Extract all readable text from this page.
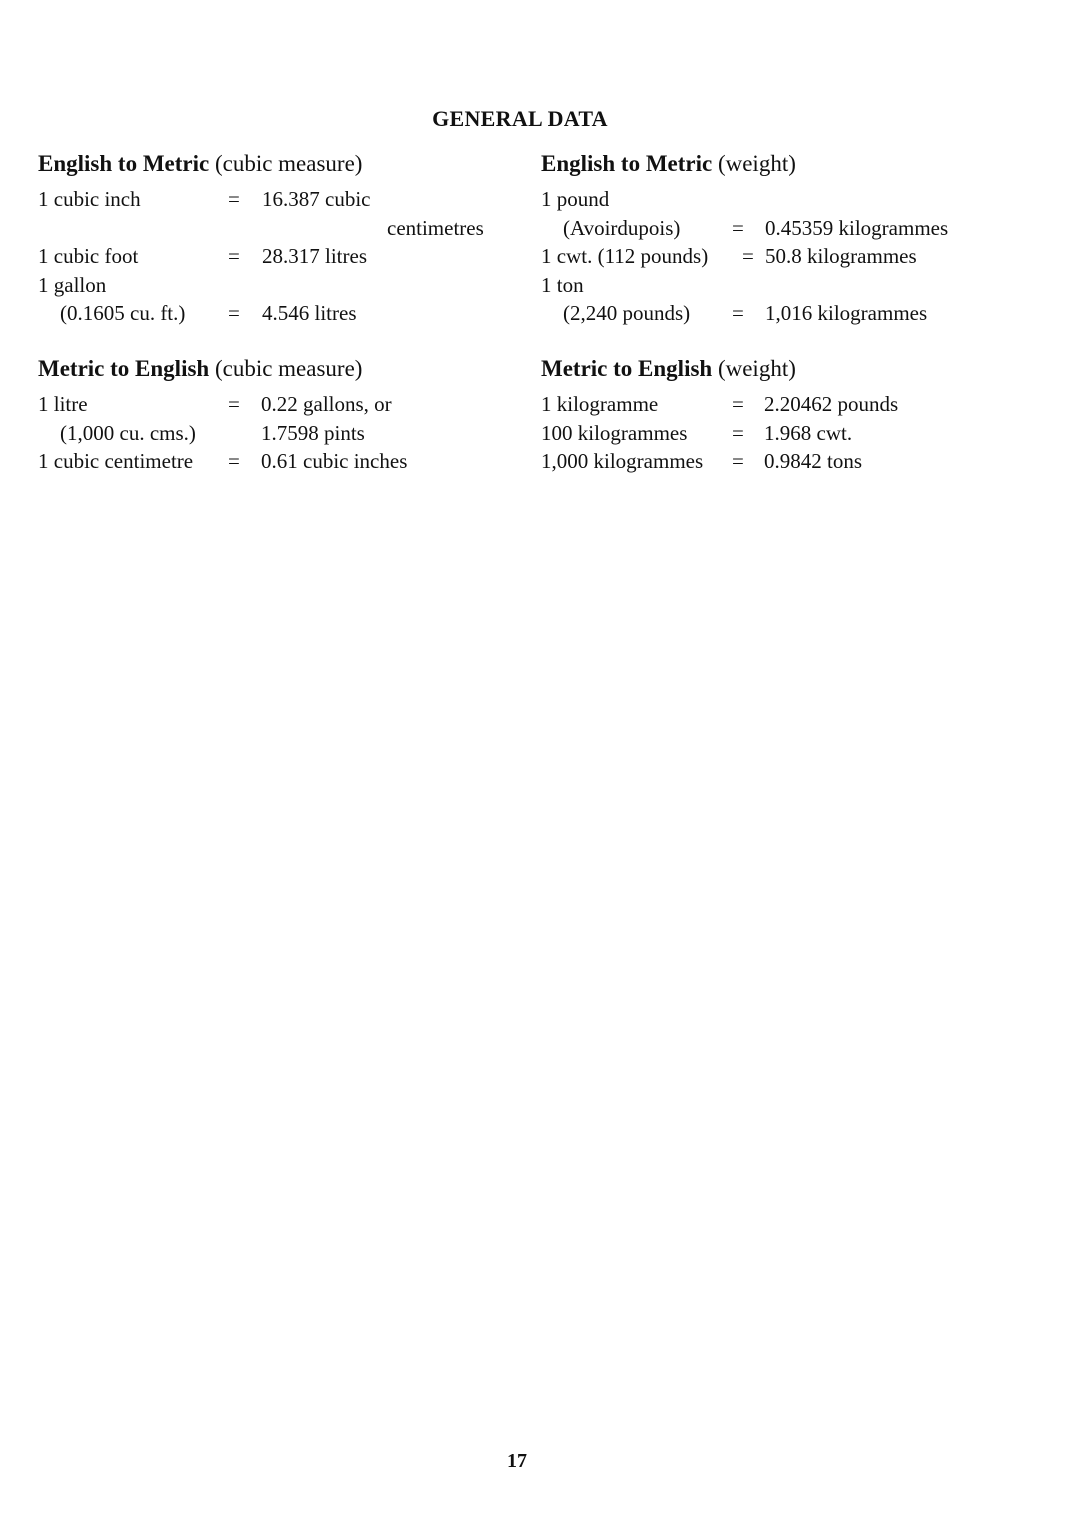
GENERAL DATA
English to Metric (cubic measure)
1 cubic inch	= 16.387 cubic
centimetres
1 cubic foot	= 28.317 litres
1 gallon
(0.1605 cu. ft.) = 4.546 litres
English to Metric (weight)
1 pound
(Avoirdupois) = 0.45359 kilogrammes
1 cwt. (112 pounds) = 50.8 kilogrammes
1 ton
(2,240 pounds) = 1,016 kilogrammes
Metric to English (cubic measure)
1 litre	= 0.22 gallons, or
(1,000 cu. cms.)	1.7598 pints
1 cubic centimetre = 0.61 cubic inches
Metric to English (weight)
1 kilogramme	= 2.20462 pounds
100 kilogrammes = 1.968 cwt.
1,000 kilogrammes = 0.9842 tons
17
